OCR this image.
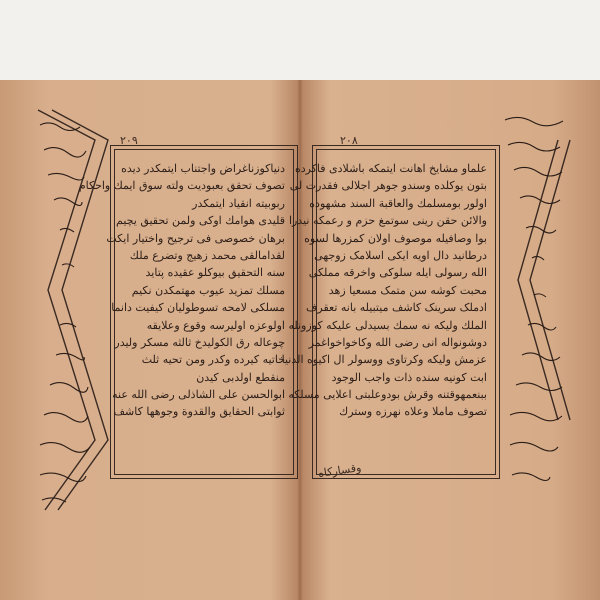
٢٠٩
دنیاکوزناغراض واجتناب ایتمکدر دیده
تصوف تحقق بعبودیت ولته سوق ایمك واحکام
ربوبیته انقیاد ایتمکدر
قلیدی هوامك اوکی ولمن تحقیق یچیم
برهان خصوصی فی ترجیح واختیار ایکت
لقدامالقی محمد زهیج وتضرع ملك
سنه التحقیق بیوکلو عقیده پتاید
مسلك تمزید عیوب مهتمکدن نکیم
مسلکی لامحه تسوطولیان کیفیت دانما
اولوعزه اولیرسه وقوع وعلایقه
چوعاله رق الکولیدخ ثالثه مسکر ولیدر
خاتیه کیرده وکدر ومن تحیه ثلث
منقطع اولدبی کیدن
ابوالحسن علی الشاذلی رضی الله عنه
ثوابتی الحقایق والقدوة وجوهها کاشف
٢٠٨
علماو مشایخ اهانت ایتمکه باشلادی فاکرده
بتون یوکلده وسندو جوهر اجلالی فقدرت لی
اولور بومسلمك والعاقبة السند مشهوده
والائن حقن رینی سوتمغ حزم و رعمکه نیدرا
بوا وصافیله موصوف اولان کمزرها لسوه
درطانید دال اویه ایکی اسلامک زوجهی
الله رسولی ایله سلوکی واخرقه مملکی
محبت کوشه سن متمک مسعیا زهد
ادملک سرینک کاشف میتبیله بانه تعقرف
الملك ولیکه نه سمك بسیدلی علیکه کوزونله
دوشونواله انی رضی الله وکاخواخواغمز
عزمش ولیکه وکرتاوی ووسولر ال اکیوه الدنیا
ابت کونیه سنده ذات واجب الوجود
ببنعمهوقتنه وقرش بودوعلبتی اعلایی مسلكه
تصوف ماملا وعلاه نهرزه وسترك
وقسارکاه
